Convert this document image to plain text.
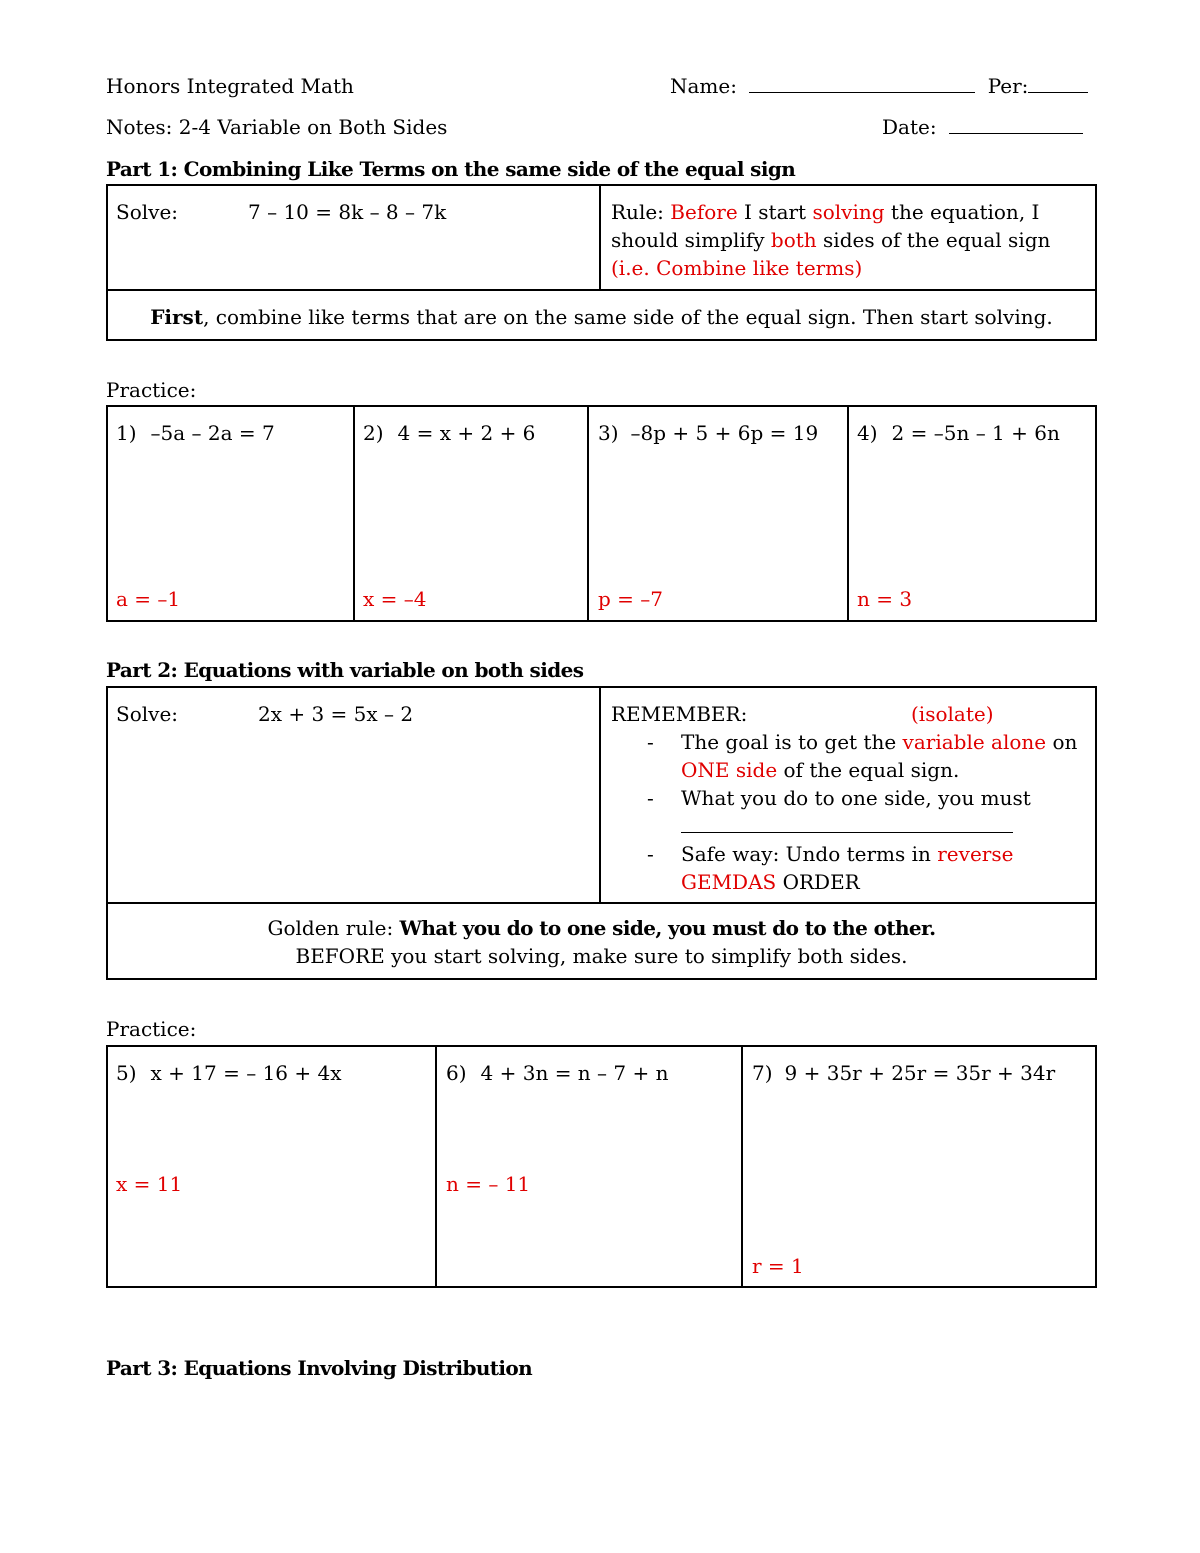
Honors Integrated Math	Name:	Per:
Notes: 2-4 Variable on Both Sides	Date:
Part 1: Combining Like Terms on the same side of the equal sign
Solve:	7 – 10 = 8k – 8 – 7k	Rule: Before I start solving the equation, I
should simplify both sides of the equal sign
(i.e. Combine like terms)
First, combine like terms that are on the same side of the equal sign. Then start solving.
Practice:
1) –5a – 2a = 7
a = –1
2) 4 = x + 2 + 6
x = –4
3) –8p + 5 + 6p = 19
p = –7
4) 2 = –5n – 1 + 6n
n = 3
Part 2: Equations with variable on both sides
Solve:	2x + 3 = 5x – 2	REMEMBER:	(isolate)
- The goal is to get the variable alone on
ONE side of the equal sign.
- What you do to one side, you must

- Safe way: Undo terms in reverse
GEMDAS ORDER
Golden rule: What you do to one side, you must do to the other.
BEFORE you start solving, make sure to simplify both sides.
Practice:
5) x + 17 = – 16 + 4x
x = 11
6) 4 + 3n = n – 7 + n
n = – 11
7) 9 + 35r + 25r = 35r + 34r
r = 1
Part 3: Equations Involving Distribution
